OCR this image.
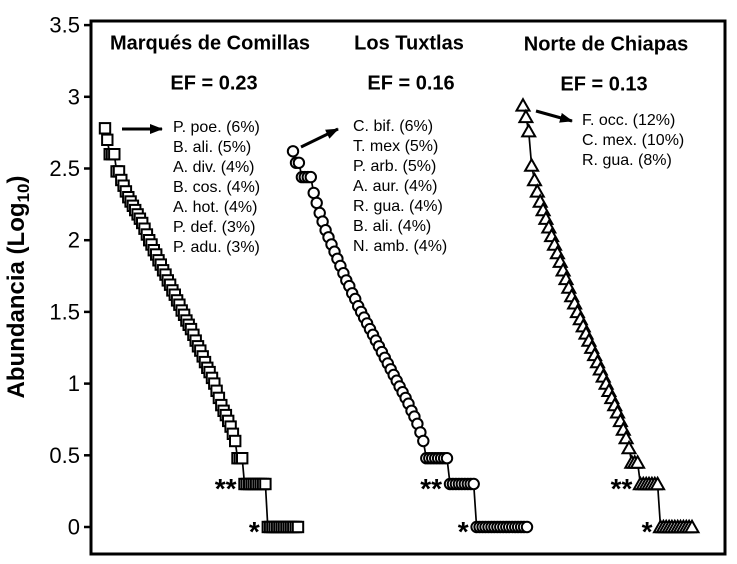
0
0.5
1
1.5
2
2.5
3
3.5
**
*
**
*
**
*
Abundancia (Log$_{10}$)
Marqués de Comillas
EF = 0.23
P. poe. (6%)
B. ali. (5%)
A. div. (4%)
B. cos. (4%)
A. hot. (4%)
P. def. (3%)
P. adu. (3%)
Los Tuxtlas
EF = 0.16
C. bif. (6%)
T. mex (5%)
P. arb. (5%)
A. aur. (4%)
R. gua. (4%)
B. ali. (4%)
N. amb. (4%)
Norte de Chiapas
EF = 0.13
F. occ. (12%)
C. mex. (10%)
R. gua. (8%)
